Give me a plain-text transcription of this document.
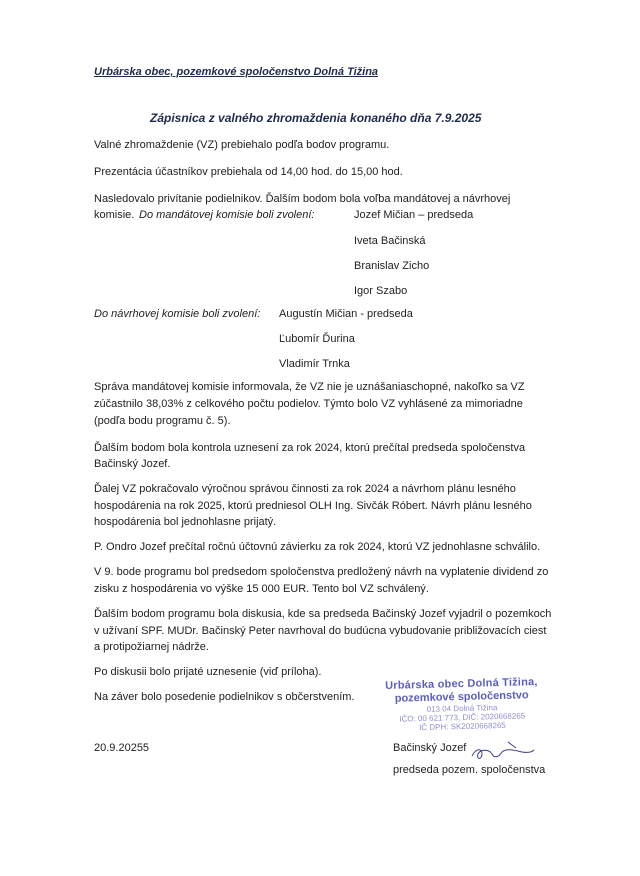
Urbárska obec, pozemkové spoločenstvo Dolná Tižina
Zápisnica z valného zhromaždenia konaného dňa 7.9.2025
Valné zhromaždenie (VZ) prebiehalo podľa bodov programu.
Prezentácia účastníkov prebiehala od 14,00 hod. do 15,00 hod.
Nasledovalo privítanie podielnikov. Ďalším bodom bola voľba mandátovej a návrhovej
komisie. Do mandátovej komisie boli zvolení:	Jozef Mičian – predseda
Iveta Bačinská
Branislav Zicho
Igor Szabo
Do návrhovej komisie boli zvolení: Augustín Mičian - predseda
Ľubomír Ďurina
Vladimír Trnka
Správa mandátovej komisie informovala, že VZ nie je uznášaniaschopné, nakoľko sa VZ
zúčastnilo 38,03% z celkového počtu podielov. Týmto bolo VZ vyhlásené za mimoriadne
(podľa bodu programu č. 5).
Ďalším bodom bola kontrola uznesení za rok 2024, ktorú prečítal predseda spoločenstva
Bačinský Jozef.
Ďalej VZ pokračovalo výročnou správou činnosti za rok 2024 a návrhom plánu lesného
hospodárenia na rok 2025, ktorú predniesol OLH Ing. Sivčák Róbert. Návrh plánu lesného
hospodárenia bol jednohlasne prijatý.
P. Ondro Jozef prečítal ročnú účtovnú závierku za rok 2024, ktorú VZ jednohlasne schválilo.
V 9. bode programu bol predsedom spoločenstva predložený návrh na vyplatenie dividend zo
zisku z hospodárenia vo výške 15 000 EUR. Tento bol VZ schválený.
Ďalším bodom programu bola diskusia, kde sa predseda Bačinský Jozef vyjadril o pozemkoch
v užívaní SPF. MUDr. Bačinský Peter navrhoval do budúcna vybudovanie približovacích ciest
a protipožiarnej nádrže.
Po diskusii bolo prijaté uznesenie (viď príloha).
Na záver bolo posedenie podielnikov s občerstvením.
Urbárska obec Dolná Tižina,
pozemkové spoločenstvo
013 04 Dolná Tižina
IČO: 00 621 773, DIČ: 2020668265
IČ DPH: SK2020668265
20.9.20255	Bačinský Jozef
predseda pozem. spoločenstva
